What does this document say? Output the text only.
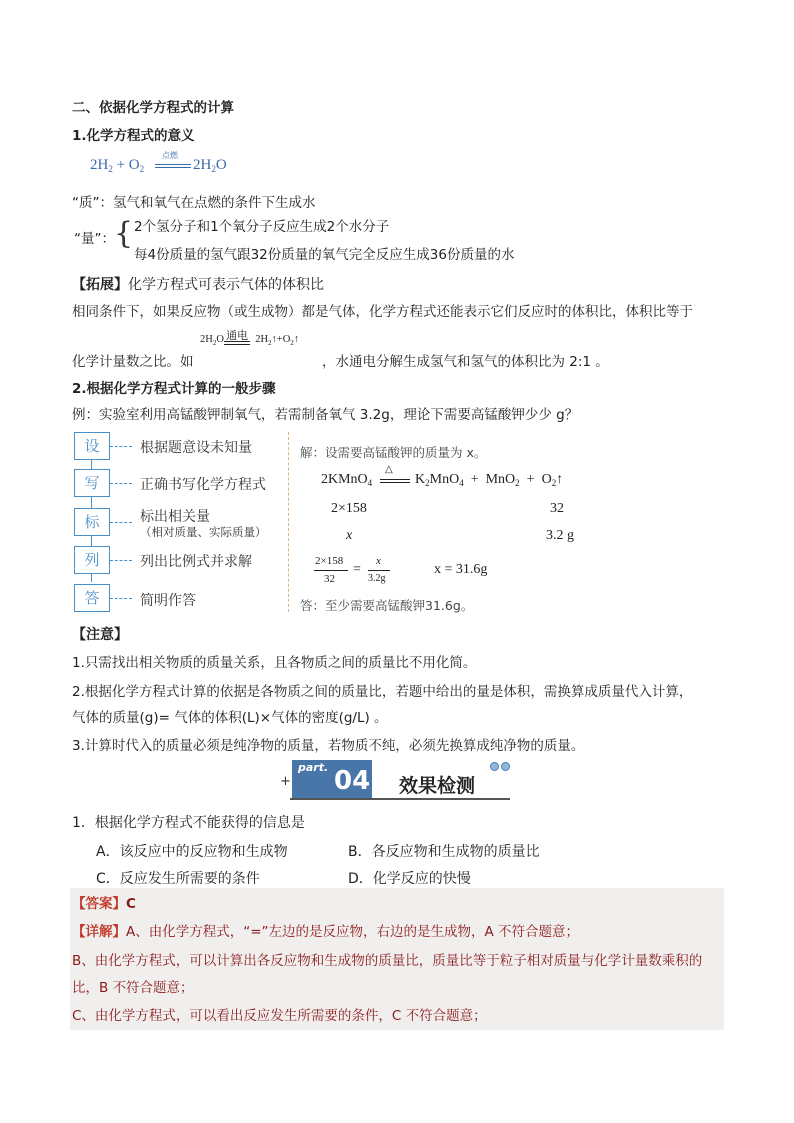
二、依据化学方程式的计算
1.化学方程式的意义
$2H_2 + O_2$
点燃
$2H_2O$
“质”：氢气和氧气在点燃的条件下生成水
“量”： { 2个氢分子和1个氧分子反应生成2个水分子
每4份质量的氢气跟32份质量的氧气完全反应生成36份质量的水
【拓展】化学方程式可表示气体的体积比
相同条件下，如果反应物（或生成物）都是气体，化学方程式还能表示它们反应时的体积比，体积比等于
$2H_2O$	$2H_2↑+O_2↑$
通电
化学计量数之比。如	，水通电分解生成氢气和氢气的体积比为 2:1 。
2.根据化学方程式计算的一般步骤
例：实验室利用高锰酸钾制氧气，若需制备氧气 3.2g，理论下需要高锰酸钾少少 g？
设	根据题意设未知量
写	正确书写化学方程式
标	标出相关量
（相对质量、实际质量）
列	列出比例式并求解
答	简明作答
解：设需要高锰酸钾的质量为 x。
2KMnO$_4$
△
$K_2MnO_4 + MnO_2$ + $O_2↑$
2×158	32
x	3.2 g
2×158
32
=
x
3.2g
x = 31.6g
答：至少需要高锰酸钾31.6g。
【注意】
1.只需找出相关物质的质量关系，且各物质之间的质量比不用化简。
2.根据化学方程式计算的依据是各物质之间的质量比，若题中给出的量是体积，需换算成质量代入计算，
气体的质量(g)= 气体的体积(L)×气体的密度(g/L) 。
3.计算时代入的质量必须是纯净物的质量，若物质不纯，必须先换算成纯净物的质量。
+
part. 04 效果检测
1．根据化学方程式不能获得的信息是
A．该反应中的反应物和生成物	B．各反应物和生成物的质量比
C．反应发生所需要的条件	D．化学反应的快慢
【答案】C
【详解】A、由化学方程式，“=”左边的是反应物，右边的是生成物，A 不符合题意；
B、由化学方程式，可以计算出各反应物和生成物的质量比，质量比等于粒子相对质量与化学计量数乘积的
比，B 不符合题意；
C、由化学方程式，可以看出反应发生所需要的条件，C 不符合题意；
